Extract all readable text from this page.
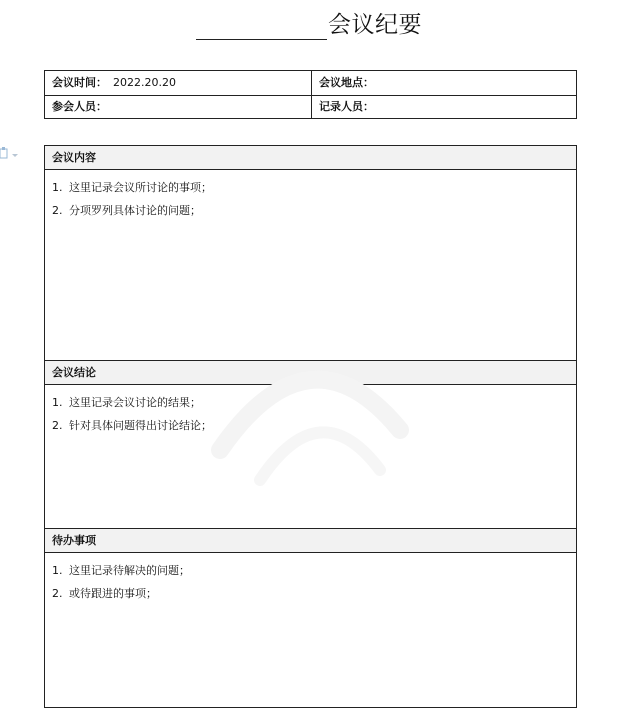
会议纪要
会议时间： 2022.20.20	会议地点：
参会人员：	记录人员：
会议内容
1. 这里记录会议所讨论的事项；
2. 分项罗列具体讨论的问题；
会议结论
1. 这里记录会议讨论的结果；
2. 针对具体问题得出讨论结论；
待办事项
1. 这里记录待解决的问题；
2. 或待跟进的事项；
